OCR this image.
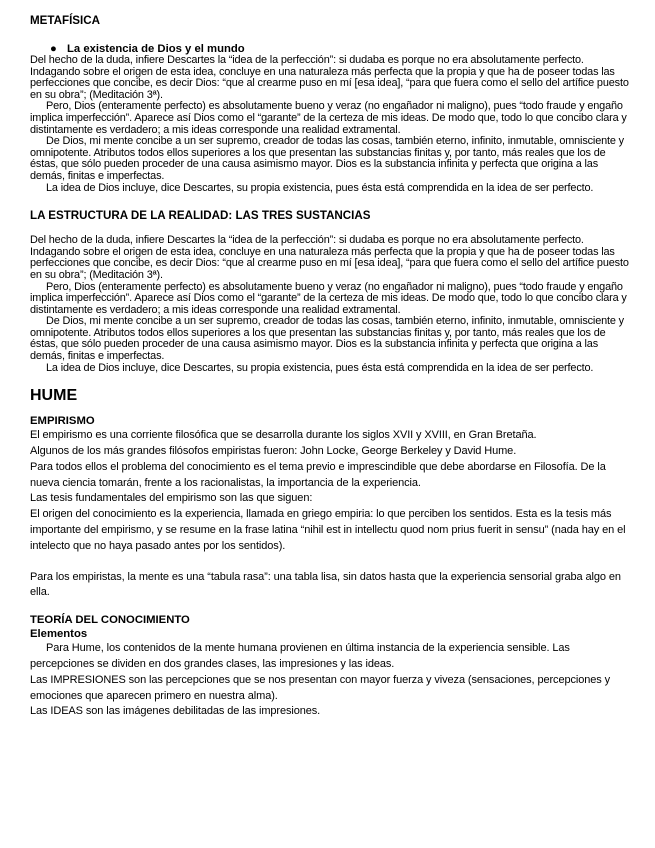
METAFÍSICA
● La existencia de Dios y el mundo

Del hecho de la duda, infiere Descartes la “idea de la perfección”: si dudaba es porque no era absolutamente perfecto. Indagando sobre el origen de esta idea, concluye en una naturaleza más perfecta que la propia y que ha de poseer todas las perfecciones que concibe, es decir Dios: “que al crearme puso en mí [esa idea], “para que fuera como el sello del artífice puesto en su obra”; (Meditación 3ª).

Pero, Dios (enteramente perfecto) es absolutamente bueno y veraz (no engañador ni maligno), pues “todo fraude y engaño implica imperfección”. Aparece así Dios como el “garante” de la certeza de mis ideas. De modo que, todo lo que concibo clara y distintamente es verdadero; a mis ideas corresponde una realidad extramental.

De Dios, mi mente concibe a un ser supremo, creador de todas las cosas, también eterno, infinito, inmutable, omnisciente y omnipotente. Atributos todos ellos superiores a los que presentan las substancias finitas y, por tanto, más reales que los de éstas, que sólo pueden proceder de una causa asimismo mayor. Dios es la substancia infinita y perfecta que origina a las demás, finitas e imperfectas.

La idea de Dios incluye, dice Descartes, su propia existencia, pues ésta está comprendida en la idea de ser perfecto.

LA ESTRUCTURA DE LA REALIDAD: LAS TRES SUSTANCIAS

Del hecho de la duda, infiere Descartes la “idea de la perfección”: si dudaba es porque no era absolutamente perfecto. Indagando sobre el origen de esta idea, concluye en una naturaleza más perfecta que la propia y que ha de poseer todas las perfecciones que concibe, es decir Dios: “que al crearme puso en mí [esa idea], “para que fuera como el sello del artífice puesto en su obra”; (Meditación 3ª).

Pero, Dios (enteramente perfecto) es absolutamente bueno y veraz (no engañador ni maligno), pues “todo fraude y engaño implica imperfección”. Aparece así Dios como el “garante” de la certeza de mis ideas. De modo que, todo lo que concibo clara y distintamente es verdadero; a mis ideas corresponde una realidad extramental.

De Dios, mi mente concibe a un ser supremo, creador de todas las cosas, también eterno, infinito, inmutable, omnisciente y omnipotente. Atributos todos ellos superiores a los que presentan las substancias finitas y, por tanto, más reales que los de éstas, que sólo pueden proceder de una causa asimismo mayor. Dios es la substancia infinita y perfecta que origina a las demás, finitas e imperfectas.

La idea de Dios incluye, dice Descartes, su propia existencia, pues ésta está comprendida en la idea de ser perfecto.

HUME
EMPIRISMO

El empirismo es una corriente filosófica que se desarrolla durante los siglos XVII y XVIII, en Gran Bretaña.

Algunos de los más grandes filósofos empiristas fueron: John Locke, George Berkeley y David Hume.

Para todos ellos el problema del conocimiento es el tema previo e imprescindible que debe abordarse en Filosofía. De la nueva ciencia tomarán, frente a los racionalistas, la importancia de la experiencia.

Las tesis fundamentales del empirismo son las que siguen:

El origen del conocimiento es la experiencia, llamada en griego empiria: lo que perciben los sentidos. Esta es la tesis más importante del empirismo, y se resume en la frase latina “nihil est in intellectu quod nom prius fuerit in sensu” (nada hay en el intelecto que no haya pasado antes por los sentidos).

Para los empiristas, la mente es una “tabula rasa”: una tabla lisa, sin datos hasta que la experiencia sensorial graba algo en ella.

TEORÍA DEL CONOCIMIENTO
Elementos

Para Hume, los contenidos de la mente humana provienen en última instancia de la experiencia sensible. Las percepciones se dividen en dos grandes clases, las impresiones y las ideas.

Las IMPRESIONES son las percepciones que se nos presentan con mayor fuerza y viveza (sensaciones, percepciones y emociones que aparecen primero en nuestra alma).

Las IDEAS son las imágenes debilitadas de las impresiones.
